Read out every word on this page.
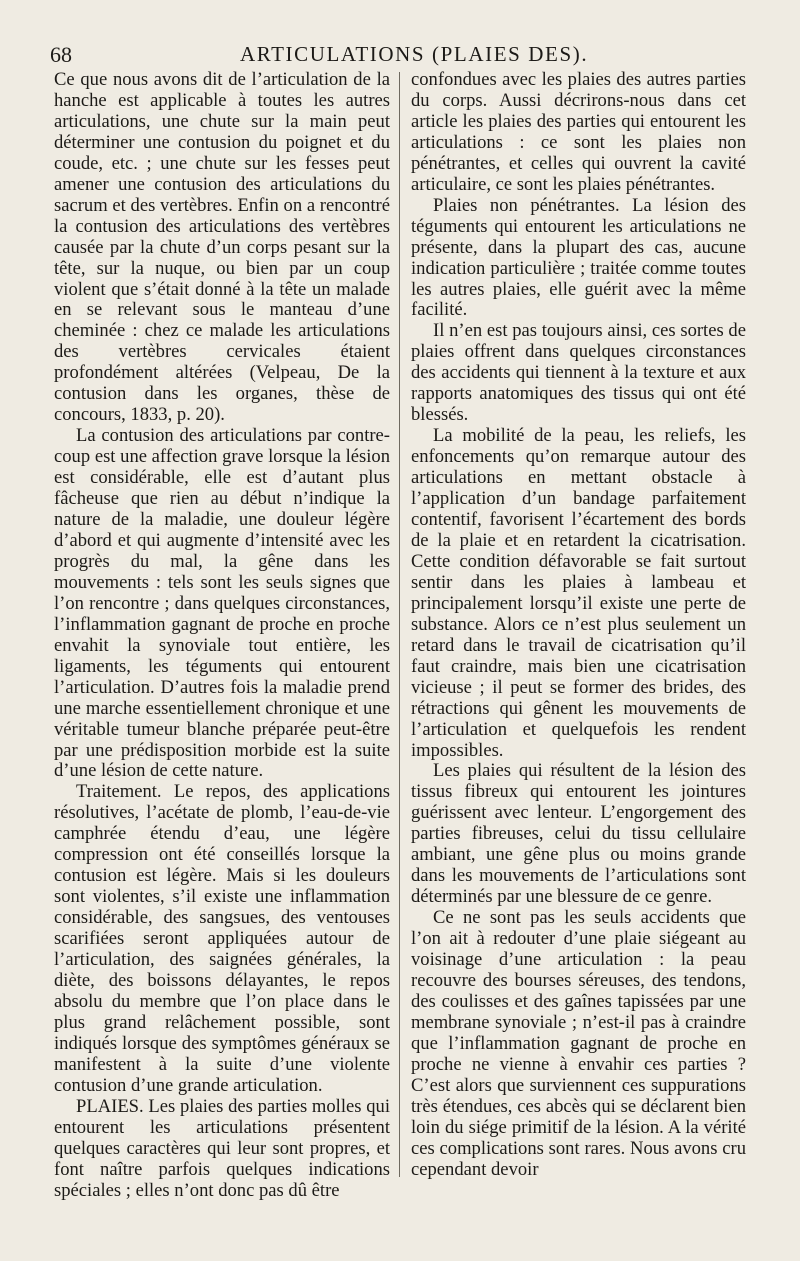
68	ARTICULATIONS (PLAIES DES).

Ce que nous avons dit de l’articulation de la hanche est applicable à toutes les autres articulations, une chute sur la main peut déterminer une contusion du poignet et du coude, etc. ; une chute sur les fesses peut amener une contusion des articulations du sacrum et des vertèbres. Enfin on a rencontré la contusion des articulations des vertèbres causée par la chute d’un corps pesant sur la tête, sur la nuque, ou bien par un coup violent que s’était donné à la tête un malade en se relevant sous le manteau d’une cheminée : chez ce malade les articulations des vertèbres cervicales étaient profondément altérées (Velpeau, De la contusion dans les organes, thèse de concours, 1833, p. 20).

La contusion des articulations par contre-coup est une affection grave lorsque la lésion est considérable, elle est d’autant plus fâcheuse que rien au début n’indique la nature de la maladie, une douleur légère d’abord et qui augmente d’intensité avec les progrès du mal, la gêne dans les mouvements : tels sont les seuls signes que l’on rencontre ; dans quelques circonstances, l’inflammation gagnant de proche en proche envahit la synoviale tout entière, les ligaments, les téguments qui entourent l’articulation. D’autres fois la maladie prend une marche essentiellement chronique et une véritable tumeur blanche préparée peut-être par une prédisposition morbide est la suite d’une lésion de cette nature.

Traitement. Le repos, des applications résolutives, l’acétate de plomb, l’eau-de-vie camphrée étendu d’eau, une légère compression ont été conseillés lorsque la contusion est légère. Mais si les douleurs sont violentes, s’il existe une inflammation considérable, des sangsues, des ventouses scarifiées seront appliquées autour de l’articulation, des saignées générales, la diète, des boissons délayantes, le repos absolu du membre que l’on place dans le plus grand relâchement possible, sont indiqués lorsque des symptômes généraux se manifestent à la suite d’une violente contusion d’une grande articulation.

PLAIES. Les plaies des parties molles qui entourent les articulations présentent quelques caractères qui leur sont propres, et font naître parfois quelques indications spéciales ; elles n’ont donc pas dû être

confondues avec les plaies des autres parties du corps. Aussi décrirons-nous dans cet article les plaies des parties qui entourent les articulations : ce sont les plaies non pénétrantes, et celles qui ouvrent la cavité articulaire, ce sont les plaies pénétrantes.

Plaies non pénétrantes. La lésion des téguments qui entourent les articulations ne présente, dans la plupart des cas, aucune indication particulière ; traitée comme toutes les autres plaies, elle guérit avec la même facilité.

Il n’en est pas toujours ainsi, ces sortes de plaies offrent dans quelques circonstances des accidents qui tiennent à la texture et aux rapports anatomiques des tissus qui ont été blessés.

La mobilité de la peau, les reliefs, les enfoncements qu’on remarque autour des articulations en mettant obstacle à l’application d’un bandage parfaitement contentif, favorisent l’écartement des bords de la plaie et en retardent la cicatrisation. Cette condition défavorable se fait surtout sentir dans les plaies à lambeau et principalement lorsqu’il existe une perte de substance. Alors ce n’est plus seulement un retard dans le travail de cicatrisation qu’il faut craindre, mais bien une cicatrisation vicieuse ; il peut se former des brides, des rétractions qui gênent les mouvements de l’articulation et quelquefois les rendent impossibles.

Les plaies qui résultent de la lésion des tissus fibreux qui entourent les jointures guérissent avec lenteur. L’engorgement des parties fibreuses, celui du tissu cellulaire ambiant, une gêne plus ou moins grande dans les mouvements de l’articulations sont déterminés par une blessure de ce genre.

Ce ne sont pas les seuls accidents que l’on ait à redouter d’une plaie siégeant au voisinage d’une articulation : la peau recouvre des bourses séreuses, des tendons, des coulisses et des gaînes tapissées par une membrane synoviale ; n’est-il pas à craindre que l’inflammation gagnant de proche en proche ne vienne à envahir ces parties ? C’est alors que surviennent ces suppurations très étendues, ces abcès qui se déclarent bien loin du siége primitif de la lésion. A la vérité ces complications sont rares. Nous avons cru cependant devoir
